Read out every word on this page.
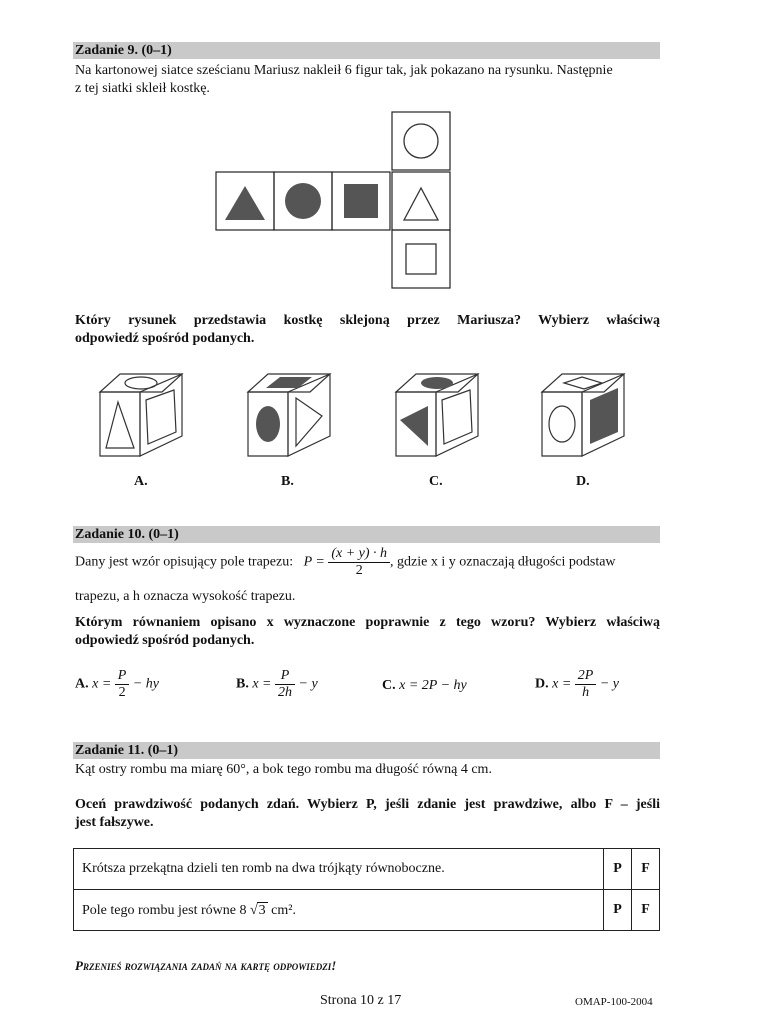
Zadanie 9. (0–1)
Na kartonowej siatce sześcianu Mariusz nakleił 6 figur tak, jak pokazano na rysunku. Następnie
z tej siatki skleił kostkę.
Który rysunek przedstawia kostkę sklejoną przez Mariusza? Wybierz właściwą
odpowiedź spośród podanych.
A.	B.	C.	D.
Zadanie 10. (0–1)
Dany jest wzór opisujący pole trapezu: $P = \frac{(x + y) \cdot h}{2}$ , gdzie x i y oznaczają długości podstaw
trapezu, a h oznacza wysokość trapezu.
Którym równaniem opisano x wyznaczone poprawnie z tego wzoru? Wybierz właściwą
odpowiedź spośród podanych.
A. $x = \frac{P}{2}$ − hy	B. $x = \frac{P}{2h} - y$	C. x = 2P − hy	D. $x = \frac{2P}{h} - y$
Zadanie 11. (0–1)
Kąt ostry rombu ma miarę 60°, a bok tego rombu ma długość równą 4 cm.
Oceń prawdziwość podanych zdań. Wybierz P, jeśli zdanie jest prawdziwe, albo F – jeśli
jest fałszywe.
Krótsza przekątna dzieli ten romb na dwa trójkąty równoboczne.	P	F
Pole tego rombu jest równe 8 √3 cm².	P	F
Przenieś rozwiązania zadań na kartę odpowiedzi!
Strona 10 z 17	OMAP-100-2004
